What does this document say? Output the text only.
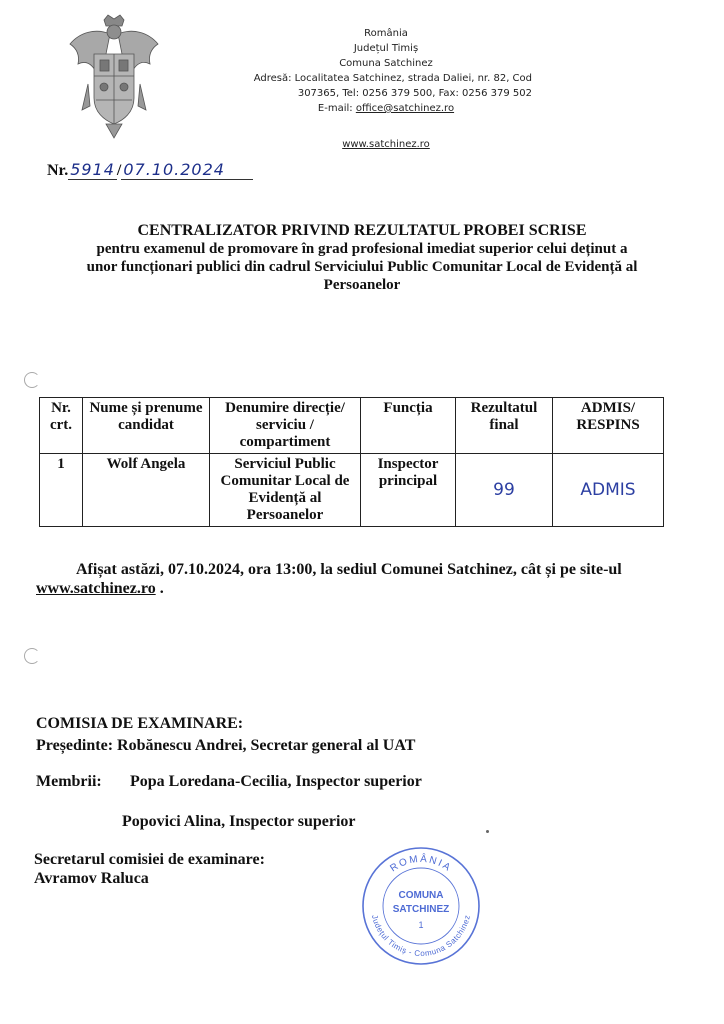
România
Județul Timiș
Comuna Satchinez
Adresă: Localitatea Satchinez, strada Daliei, nr. 82, Cod
307365, Tel: 0256 379 500, Fax: 0256 379 502
E-mail: office@satchinez.ro
www.satchinez.ro
Nr. 5914 / 07.10.2024
CENTRALIZATOR PRIVIND REZULTATUL PROBEI SCRISE
pentru examenul de promovare în grad profesional imediat superior celui deținut a
unor funcționari publici din cadrul Serviciului Public Comunitar Local de Evidență al
Persoanelor
Nr. crt.	Nume și prenume candidat	Denumire direcție/ serviciu / compartiment	Funcția	Rezultatul final	ADMIS/ RESPINS
1	Wolf Angela	Serviciul Public Comunitar Local de Evidență al Persoanelor	Inspector principal	99	ADMIS
Afișat astăzi, 07.10.2024, ora 13:00, la sediul Comunei Satchinez, cât și pe site-ul
www.satchinez.ro .
COMISIA DE EXAMINARE:
Președinte: Robănescu Andrei, Secretar general al UAT
Membrii: Popa Loredana-Cecilia, Inspector superior
Popovici Alina, Inspector superior
Secretarul comisiei de examinare:
Avramov Raluca
ROMÂNIA
Județul Timiș - Comuna Satchinez
COMUNA
SATCHINEZ
1
